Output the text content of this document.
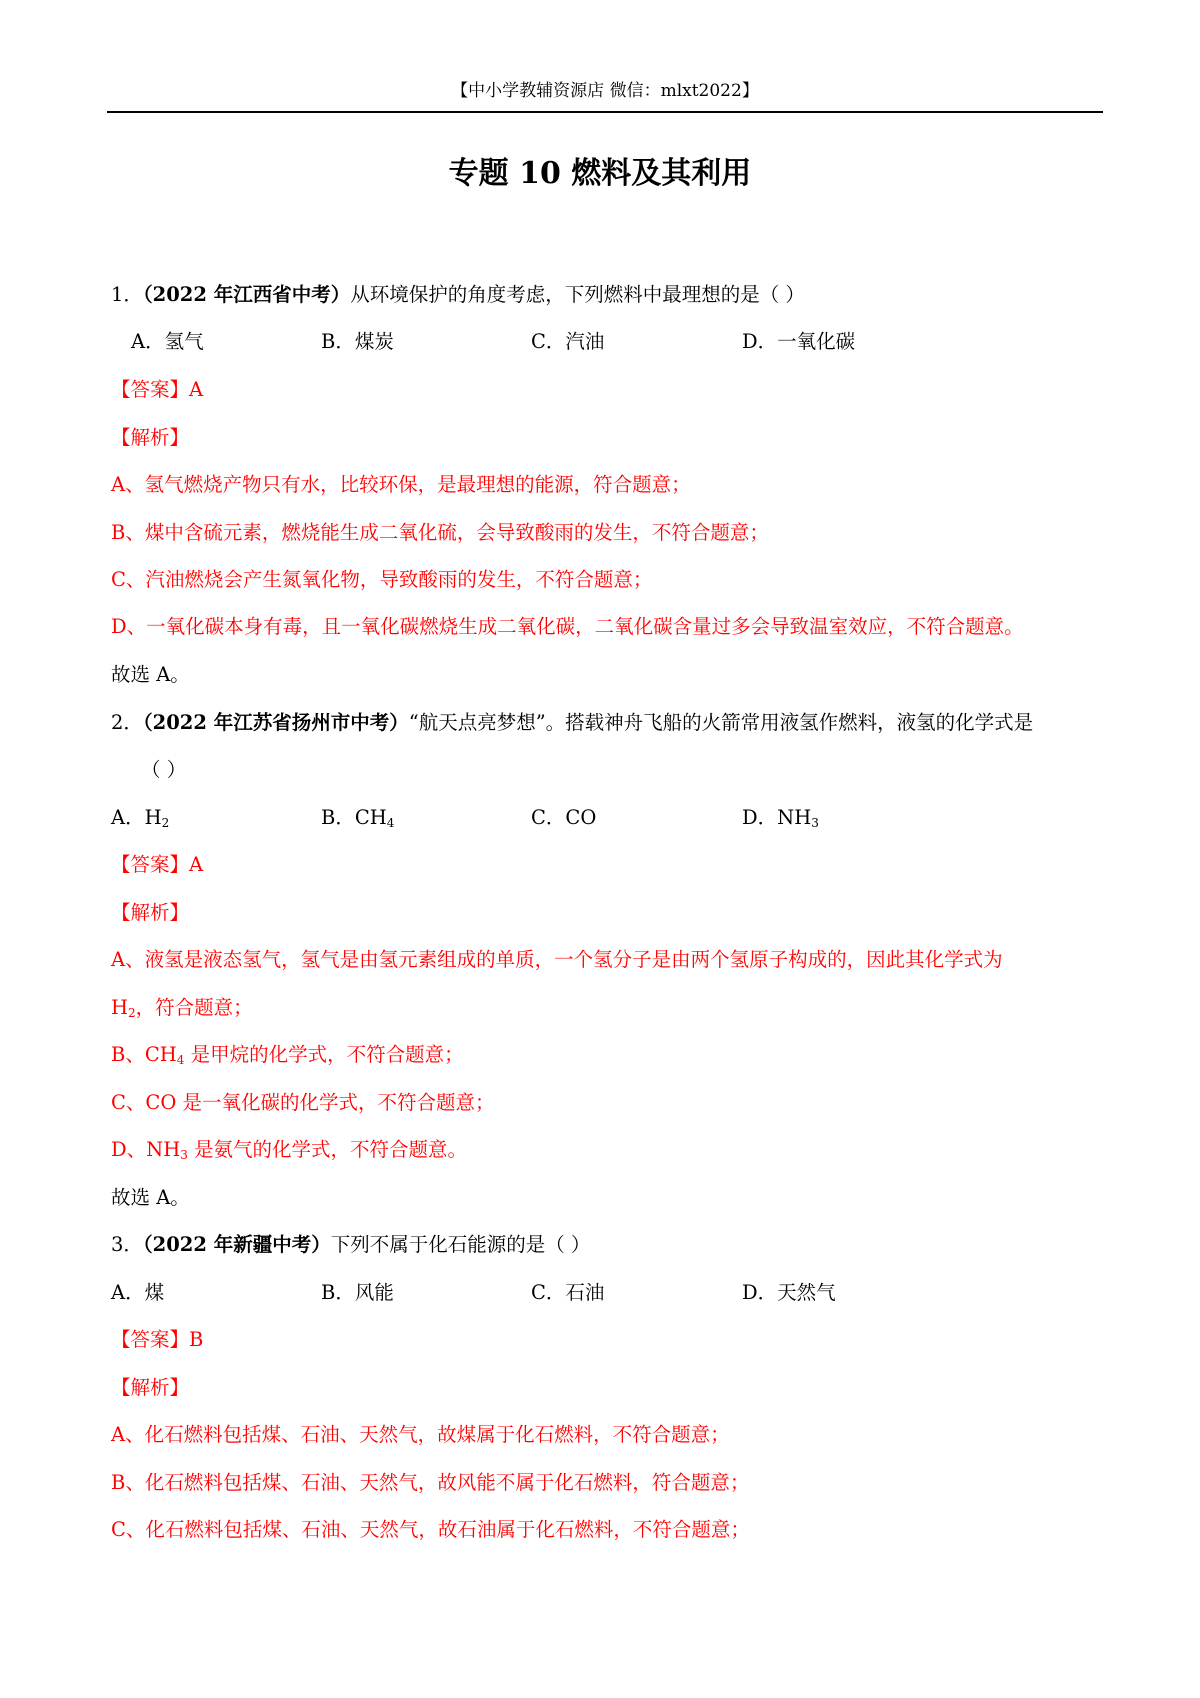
【中小学教辅资源店 微信：mlxt2022】
专题 10 燃料及其利用
1．（2022 年江西省中考）从环境保护的角度考虑，下列燃料中最理想的是（ ）
A．氢气	B．煤炭	C．汽油	D．一氧化碳
【答案】A
【解析】
A、氢气燃烧产物只有水，比较环保，是最理想的能源，符合题意；
B、煤中含硫元素，燃烧能生成二氧化硫，会导致酸雨的发生，不符合题意；
C、汽油燃烧会产生氮氧化物，导致酸雨的发生，不符合题意；
D、一氧化碳本身有毒，且一氧化碳燃烧生成二氧化碳，二氧化碳含量过多会导致温室效应，不符合题意。
故选 A。
2．（2022 年江苏省扬州市中考）“航天点亮梦想”。搭载神舟飞船的火箭常用液氢作燃料，液氢的化学式是
（ ）
A．$H_2$	B．$CH_4$	C．CO	D．$NH_3$
【答案】A
【解析】
A、液氢是液态氢气，氢气是由氢元素组成的单质，一个氢分子是由两个氢原子构成的，因此其化学式为
$H_2$，符合题意；
B、$CH_4$ 是甲烷的化学式，不符合题意；
C、CO 是一氧化碳的化学式，不符合题意；
D、$NH_3$ 是氨气的化学式，不符合题意。
故选 A。
3．（2022 年新疆中考）下列不属于化石能源的是（ ）
A．煤	B．风能	C．石油	D．天然气
【答案】B
【解析】
A、化石燃料包括煤、石油、天然气，故煤属于化石燃料，不符合题意；
B、化石燃料包括煤、石油、天然气，故风能不属于化石燃料，符合题意；
C、化石燃料包括煤、石油、天然气，故石油属于化石燃料，不符合题意；
